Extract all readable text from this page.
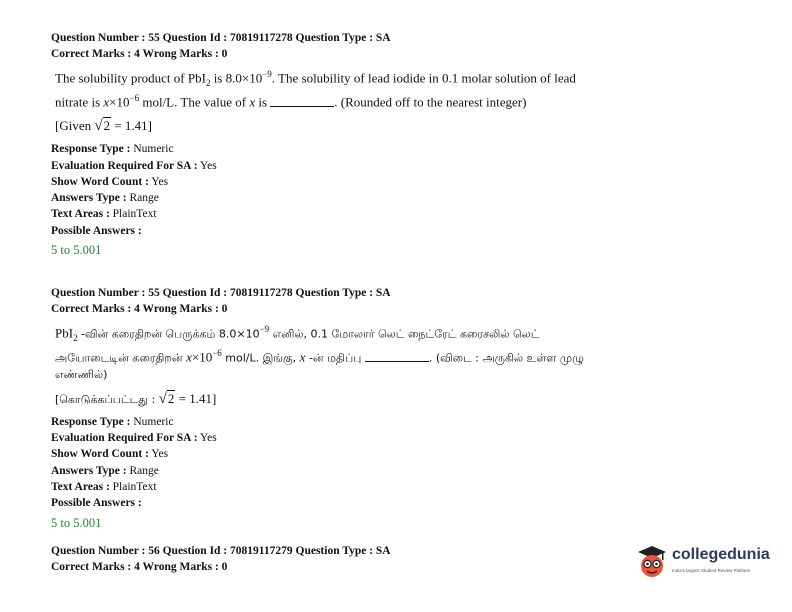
Question Number : 55 Question Id : 70819117278 Question Type : SA
Correct Marks : 4 Wrong Marks : 0
The solubility product of PbI$_2$ is $8.0\times 10^{-9}$. The solubility of lead iodide in 0.1 molar solution of lead nitrate is $x\times 10^{-6}$ mol/L. The value of x is	. (Rounded off to the nearest integer)
[Given √2 = 1.41]
Response Type : Numeric
Evaluation Required For SA : Yes
Show Word Count : Yes
Answers Type : Range
Text Areas : PlainText
Possible Answers :
5 to 5.001
Question Number : 55 Question Id : 70819117278 Question Type : SA
Correct Marks : 4 Wrong Marks : 0
PbI$_2$ -வின் கரைதிறன் பெருக்கம் $8.0\times 10^{-9}$ எனில், 0.1 மோலார் லெட் நைட்ரேட் கரைசலில் லெட் அயோடைடின் கரைதிறன் $x\times 10^{-6}$ mol/L. இங்கு, x -ன் மதிப்பு	. (விடை : அருகில் உள்ள முழு எண்ணில்)
[கொடுக்கப்பட்டது : √2 = 1.41]
Response Type : Numeric
Evaluation Required For SA : Yes
Show Word Count : Yes
Answers Type : Range
Text Areas : PlainText
Possible Answers :
5 to 5.001
Question Number : 56 Question Id : 70819117279 Question Type : SA
Correct Marks : 4 Wrong Marks : 0
collegedunia
India's largest Student Review Platform
